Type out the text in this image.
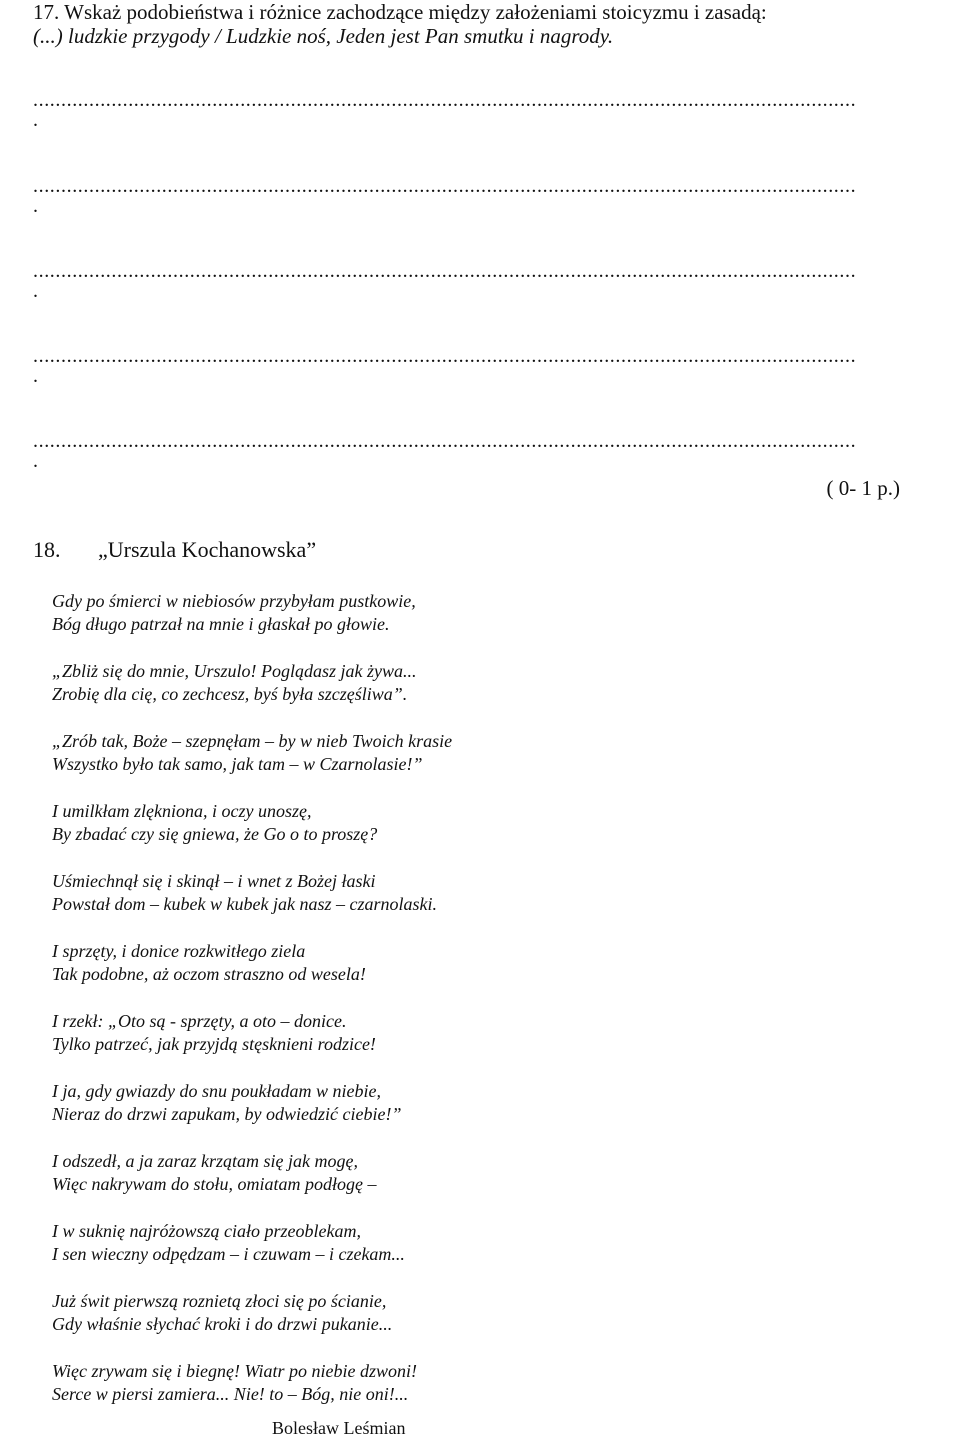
17. Wskaż podobieństwa i różnice zachodzące między założeniami stoicyzmu i zasadą:
(...) ludzkie przygody / Ludzkie noś, Jeden jest Pan smutku i nagrody.
...................................................................................................................................................
.
...................................................................................................................................................
.
...................................................................................................................................................
.
...................................................................................................................................................
.
...................................................................................................................................................
.
( 0- 1 p.)
18. „Urszula Kochanowska”
Gdy po śmierci w niebiosów przybyłam pustkowie,
Bóg długo patrzał na mnie i głaskał po głowie.
„Zbliż się do mnie, Urszulo! Poglądasz jak żywa...
Zrobię dla cię, co zechcesz, byś była szczęśliwa”.
„Zrób tak, Boże – szepnęłam – by w nieb Twoich krasie
Wszystko było tak samo, jak tam – w Czarnolasie!”
I umilkłam zlękniona, i oczy unoszę,
By zbadać czy się gniewa, że Go o to proszę?
Uśmiechnął się i skinął – i wnet z Bożej łaski
Powstał dom – kubek w kubek jak nasz – czarnolaski.
I sprzęty, i donice rozkwitłego ziela
Tak podobne, aż oczom straszno od wesela!
I rzekł: „Oto są - sprzęty, a oto – donice.
Tylko patrzeć, jak przyjdą stęsknieni rodzice!
I ja, gdy gwiazdy do snu poukładam w niebie,
Nieraz do drzwi zapukam, by odwiedzić ciebie!”
I odszedł, a ja zaraz krzątam się jak mogę,
Więc nakrywam do stołu, omiatam podłogę –
I w suknię najróżowszą ciało przeoblekam,
I sen wieczny odpędzam – i czuwam – i czekam...
Już świt pierwszą roznietą złoci się po ścianie,
Gdy właśnie słychać kroki i do drzwi pukanie...
Więc zrywam się i biegnę! Wiatr po niebie dzwoni!
Serce w piersi zamiera... Nie! to – Bóg, nie oni!...
Bolesław Leśmian
